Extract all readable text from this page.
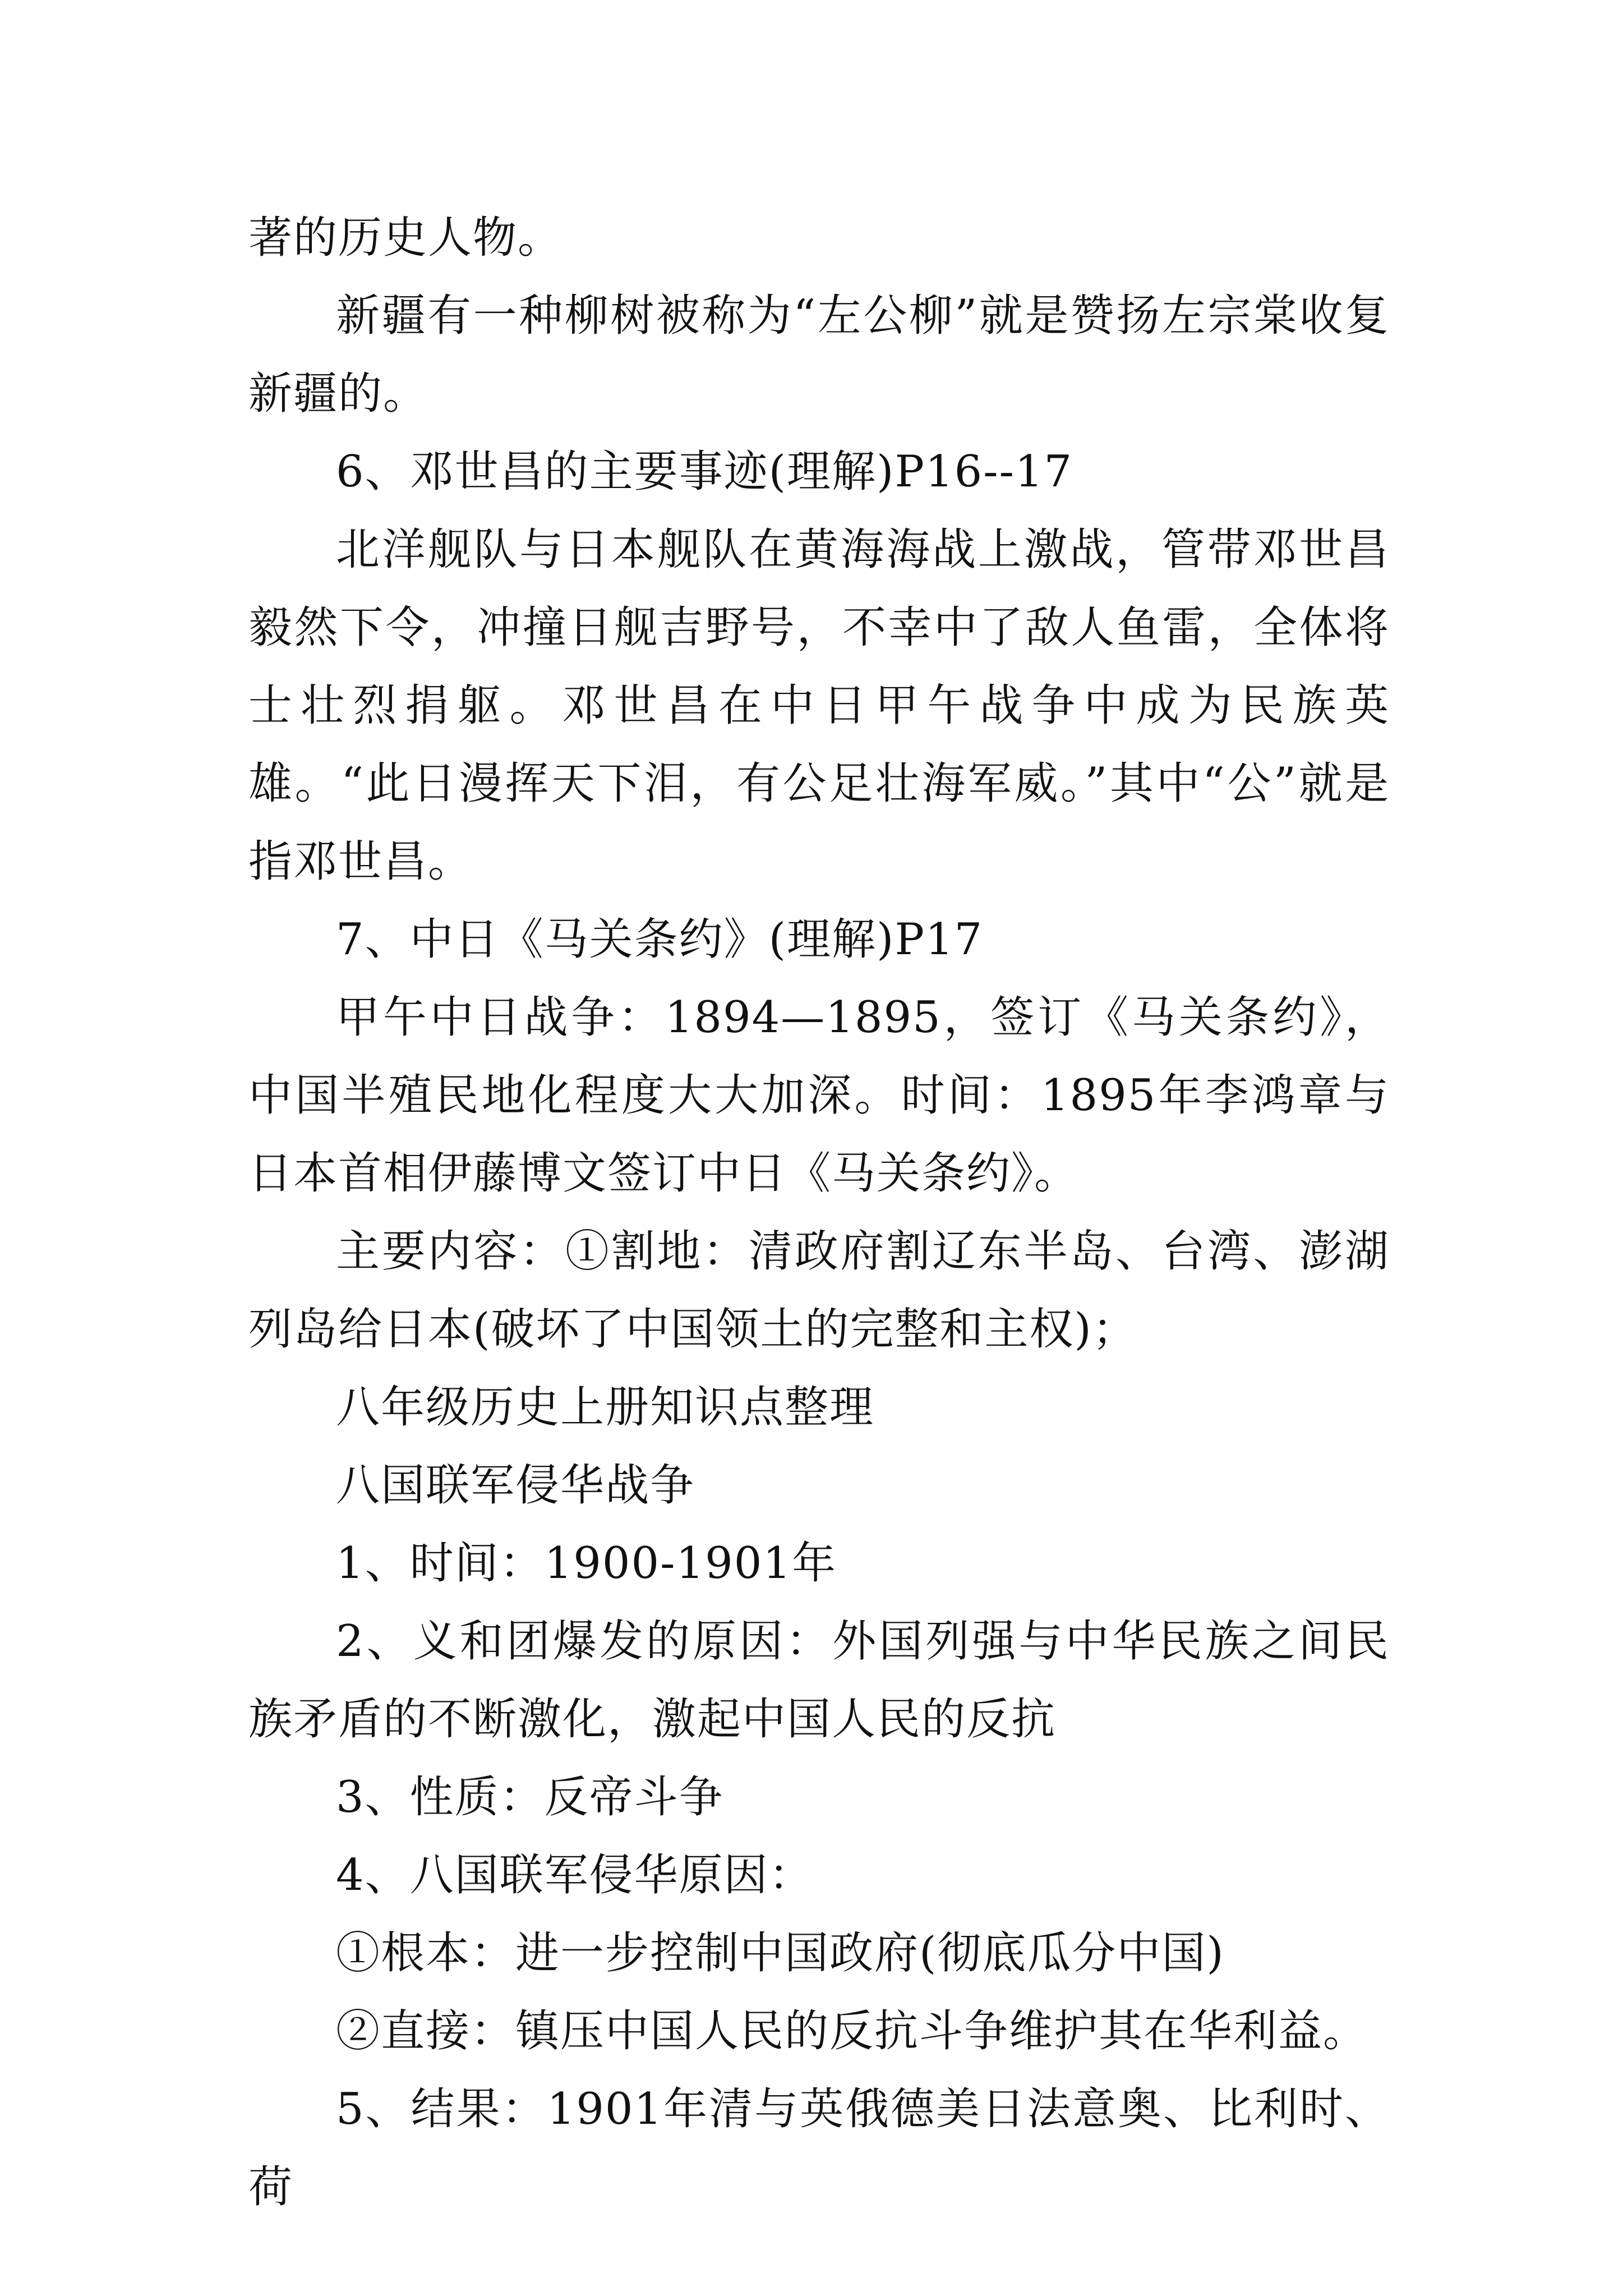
著的历史人物。

新疆有一种柳树被称为“左公柳”就是赞扬左宗棠收复新疆的。

6、邓世昌的主要事迹(理解)P16--17

北洋舰队与日本舰队在黄海海战上激战，管带邓世昌毅然下令，冲撞日舰吉野号，不幸中了敌人鱼雷，全体将士壮烈捐躯。邓世昌在中日甲午战争中成为民族英雄。“此日漫挥天下泪，有公足壮海军威。”其中“公”就是指邓世昌。

7、中日《马关条约》(理解)P17

甲午中日战争：1894—1895，签订《马关条约》，中国半殖民地化程度大大加深。时间：1895年李鸿章与日本首相伊藤博文签订中日《马关条约》。

主要内容：①割地：清政府割辽东半岛、台湾、澎湖列岛给日本(破坏了中国领土的完整和主权)；

八年级历史上册知识点整理

八国联军侵华战争

1、时间：1900-1901年

2、义和团爆发的原因：外国列强与中华民族之间民族矛盾的不断激化，激起中国人民的反抗

3、性质：反帝斗争

4、八国联军侵华原因：

①根本：进一步控制中国政府(彻底瓜分中国)

②直接：镇压中国人民的反抗斗争维护其在华利益。

5、结果：1901年清与英俄德美日法意奥、比利时、荷
